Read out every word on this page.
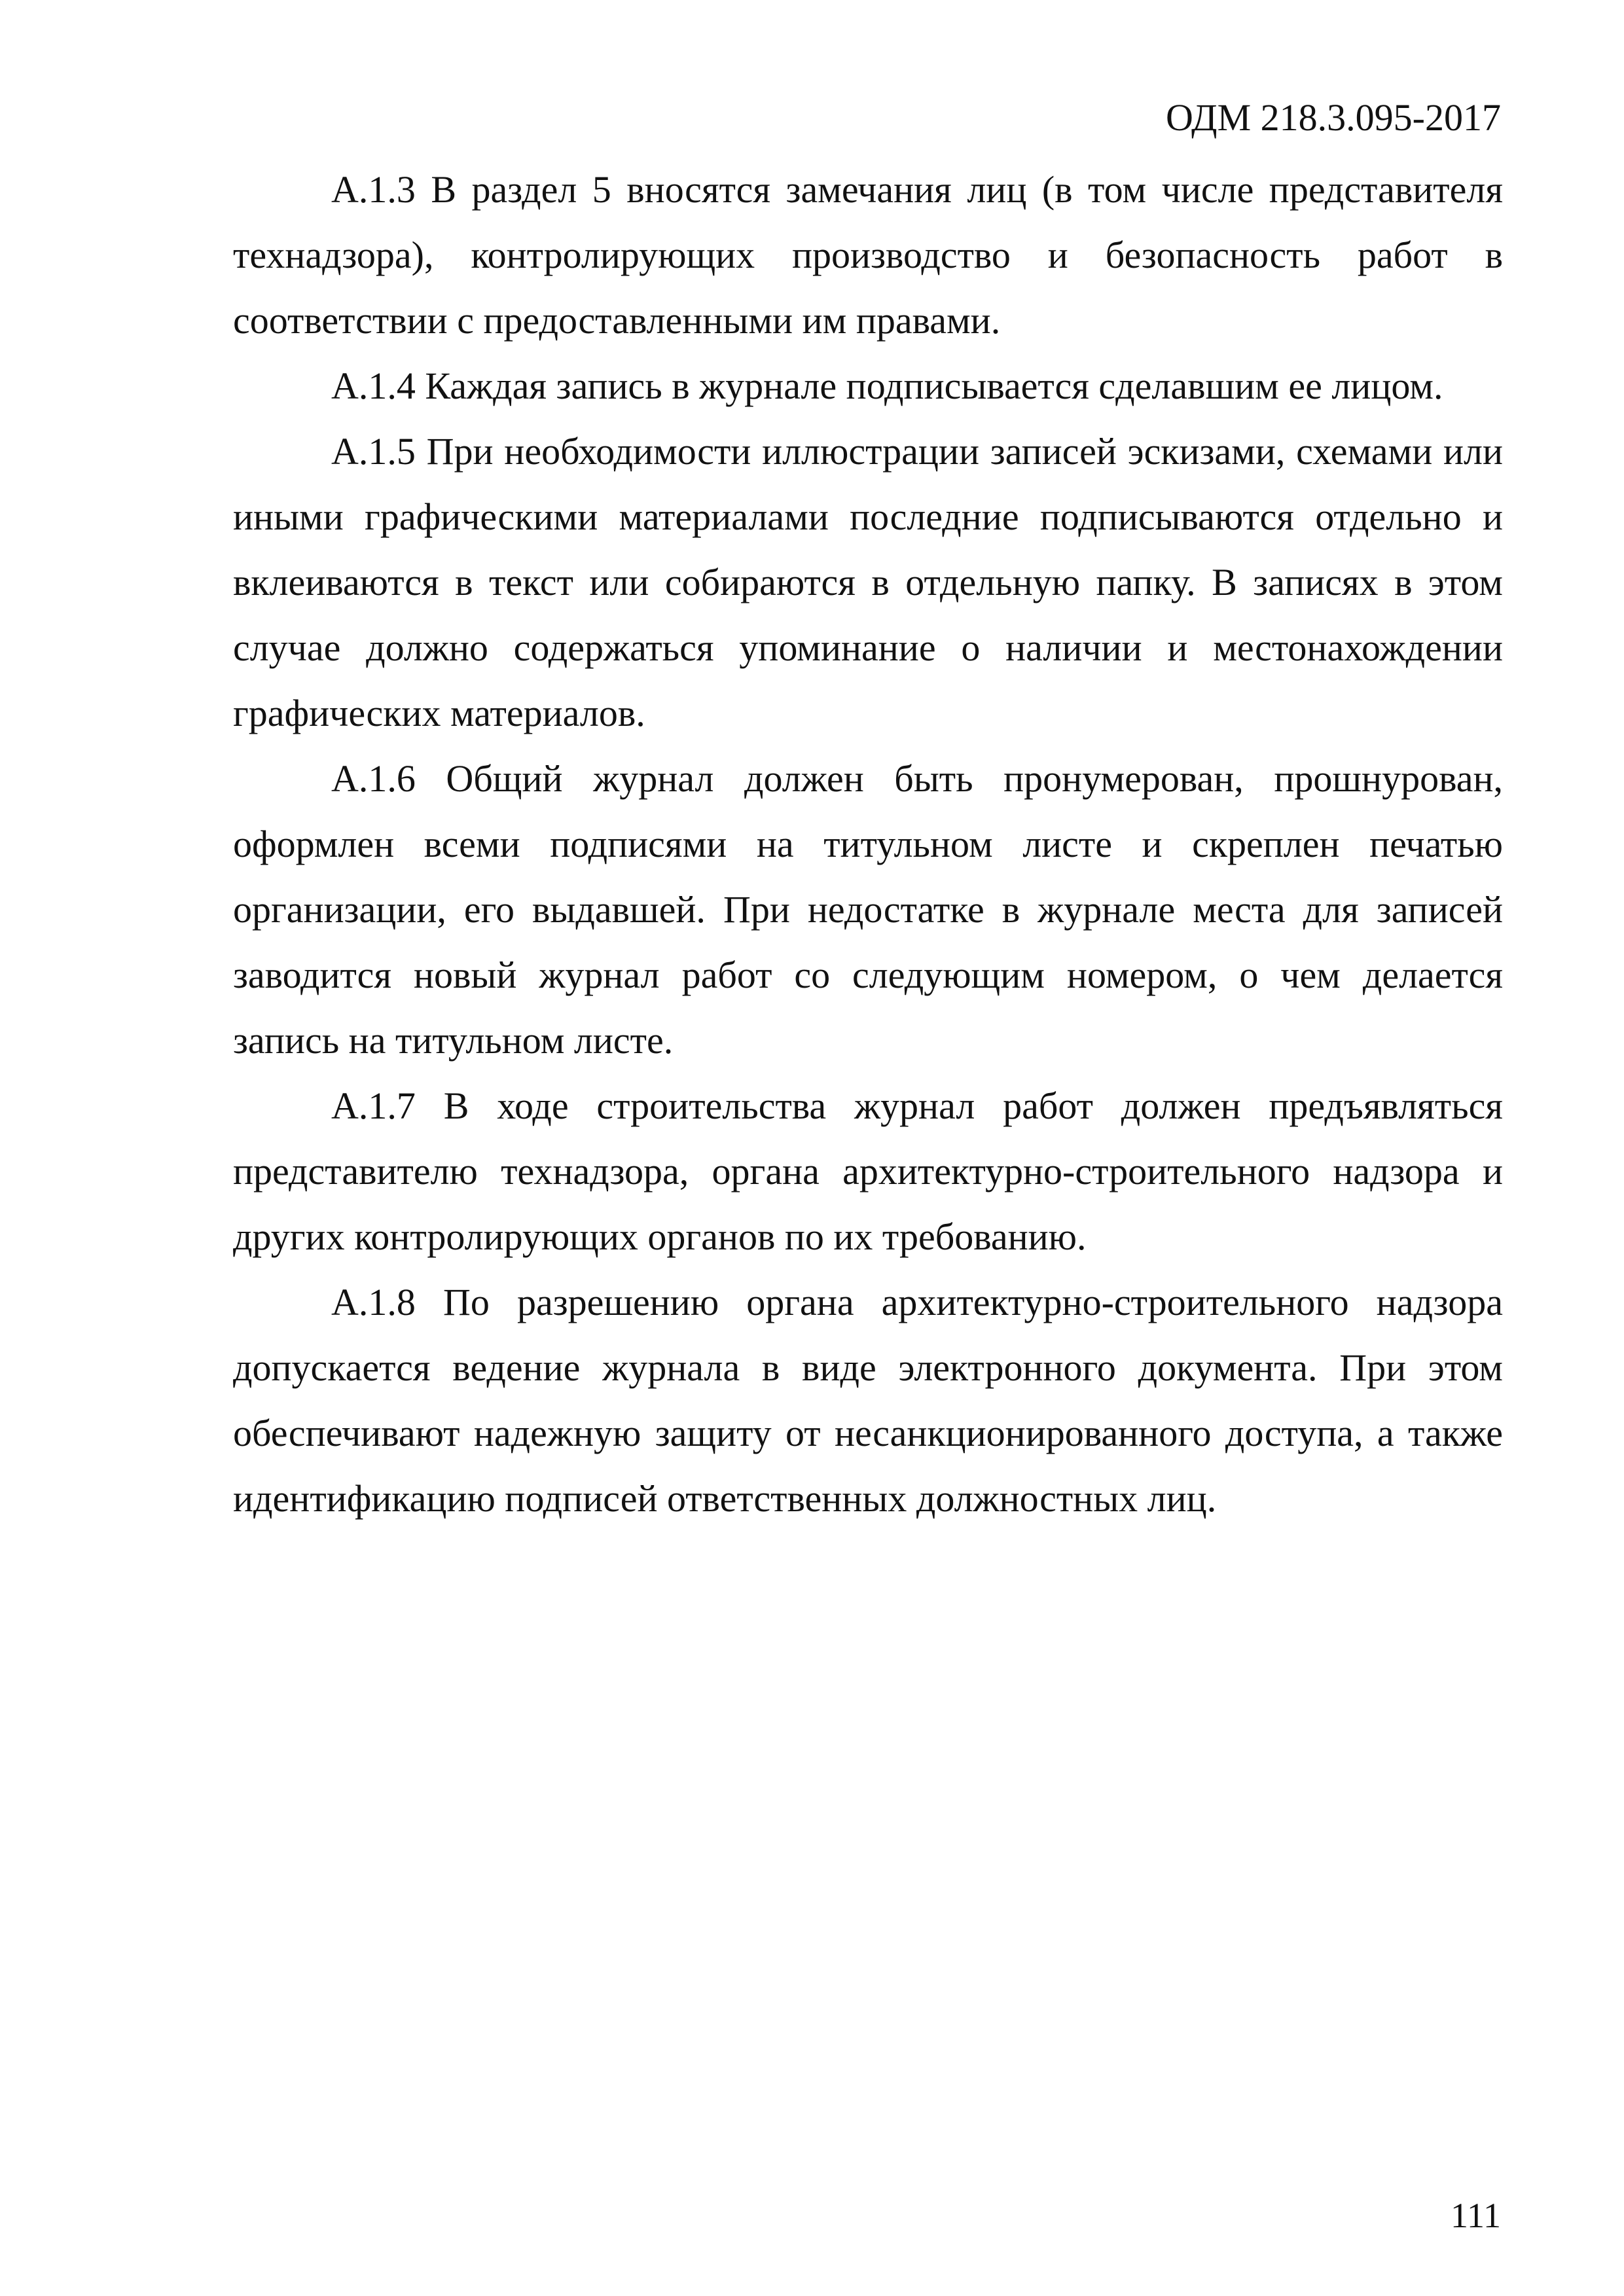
ОДМ 218.3.095-2017

А.1.3 В раздел 5 вносятся замечания лиц (в том числе представителя технадзора), контролирующих производство и безопасность работ в соответствии с предоставленными им правами.

А.1.4 Каждая запись в журнале подписывается сделавшим ее лицом.

А.1.5 При необходимости иллюстрации записей эскизами, схемами или иными графическими материалами последние подписываются отдельно и вклеиваются в текст или собираются в отдельную папку. В записях в этом случае должно содержаться упоминание о наличии и местонахождении графических материалов.

А.1.6 Общий журнал должен быть пронумерован, прошнурован, оформлен всеми подписями на титульном листе и скреплен печатью организации, его выдавшей. При недостатке в журнале места для записей заводится новый журнал работ со следующим номером, о чем делается запись на титульном листе.

А.1.7 В ходе строительства журнал работ должен предъявляться представителю технадзора, органа архитектурно-строительного надзора и других контролирующих органов по их требованию.

А.1.8 По разрешению органа архитектурно-строительного надзора допускается ведение журнала в виде электронного документа. При этом обеспечивают надежную защиту от несанкционированного доступа, а также идентификацию подписей ответственных должностных лиц.

111
